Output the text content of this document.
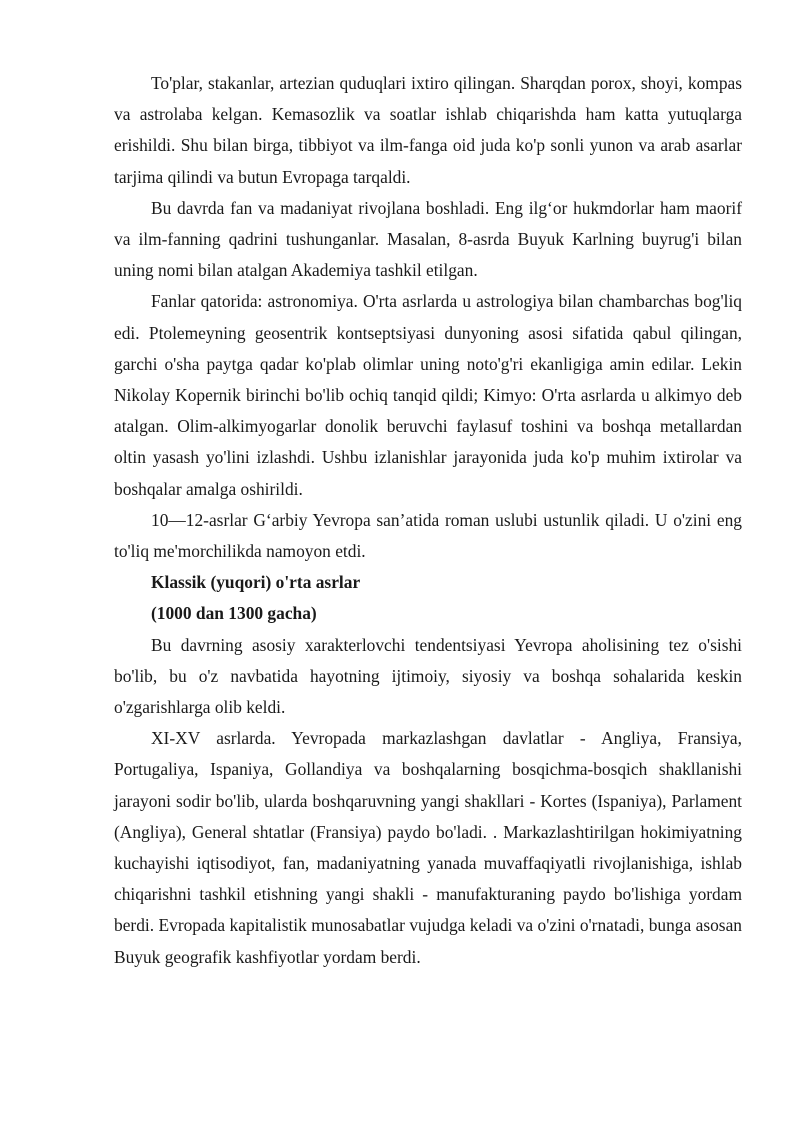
To'plar, stakanlar, artezian quduqlari ixtiro qilingan. Sharqdan porox, shoyi, kompas va astrolaba kelgan. Kemasozlik va soatlar ishlab chiqarishda ham katta yutuqlarga erishildi. Shu bilan birga, tibbiyot va ilm-fanga oid juda ko'p sonli yunon va arab asarlar tarjima qilindi va butun Evropaga tarqaldi.

Bu davrda fan va madaniyat rivojlana boshladi. Eng ilg‘or hukmdorlar ham maorif va ilm-fanning qadrini tushunganlar. Masalan, 8-asrda Buyuk Karlning buyrug'i bilan uning nomi bilan atalgan Akademiya tashkil etilgan.

Fanlar qatorida: astronomiya. O'rta asrlarda u astrologiya bilan chambarchas bog'liq edi. Ptolemeyning geosentrik kontseptsiyasi dunyoning asosi sifatida qabul qilingan, garchi o'sha paytga qadar ko'plab olimlar uning noto'g'ri ekanligiga amin edilar. Lekin Nikolay Kopernik birinchi bo'lib ochiq tanqid qildi; Kimyo: O'rta asrlarda u alkimyo deb atalgan. Olim-alkimyogarlar donolik beruvchi faylasuf toshini va boshqa metallardan oltin yasash yo'lini izlashdi. Ushbu izlanishlar jarayonida juda ko'p muhim ixtirolar va boshqalar amalga oshirildi.

10—12-asrlar G‘arbiy Yevropa san’atida roman uslubi ustunlik qiladi. U o'zini eng to'liq me'morchilikda namoyon etdi.

Klassik (yuqori) o'rta asrlar

(1000 dan 1300 gacha)

Bu davrning asosiy xarakterlovchi tendentsiyasi Yevropa aholisining tez o'sishi bo'lib, bu o'z navbatida hayotning ijtimoiy, siyosiy va boshqa sohalarida keskin o'zgarishlarga olib keldi.

XI-XV asrlarda. Yevropada markazlashgan davlatlar - Angliya, Fransiya, Portugaliya, Ispaniya, Gollandiya va boshqalarning bosqichma-bosqich shakllanishi jarayoni sodir bo'lib, ularda boshqaruvning yangi shakllari - Kortes (Ispaniya), Parlament (Angliya), General shtatlar (Fransiya) paydo bo'ladi. . Markazlashtirilgan hokimiyatning kuchayishi iqtisodiyot, fan, madaniyatning yanada muvaffaqiyatli rivojlanishiga, ishlab chiqarishni tashkil etishning yangi shakli - manufakturaning paydo bo'lishiga yordam berdi. Evropada kapitalistik munosabatlar vujudga keladi va o'zini o'rnatadi, bunga asosan Buyuk geografik kashfiyotlar yordam berdi.
